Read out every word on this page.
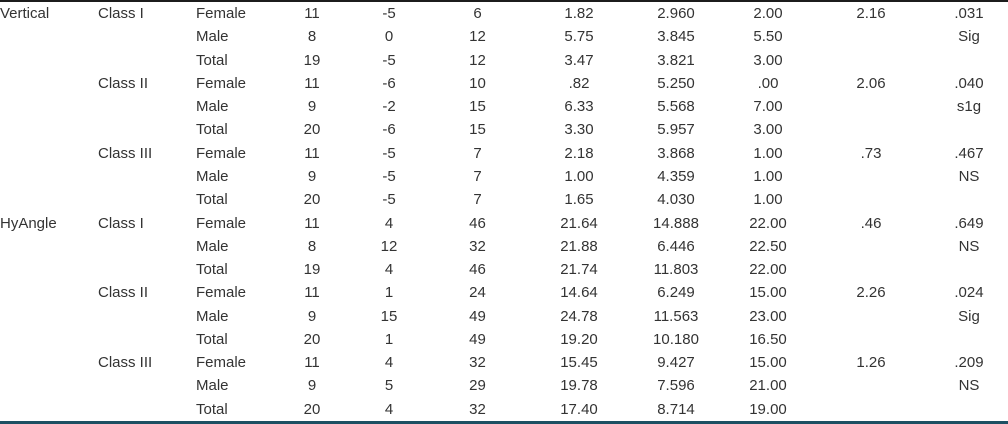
Vertical	Class I	Female	11	-5	6	1.82	2.960	2.00	2.16	.031
		Male	8	0	12	5.75	3.845	5.50		Sig
		Total	19	-5	12	3.47	3.821	3.00		
	Class II	Female	11	-6	10	.82	5.250	.00	2.06	.040
		Male	9	-2	15	6.33	5.568	7.00		s1g
		Total	20	-6	15	3.30	5.957	3.00		
	Class III	Female	11	-5	7	2.18	3.868	1.00	.73	.467
		Male	9	-5	7	1.00	4.359	1.00		NS
		Total	20	-5	7	1.65	4.030	1.00		
HyAngle	Class I	Female	11	4	46	21.64	14.888	22.00	.46	.649
		Male	8	12	32	21.88	6.446	22.50		NS
		Total	19	4	46	21.74	11.803	22.00		
	Class II	Female	11	1	24	14.64	6.249	15.00	2.26	.024
		Male	9	15	49	24.78	11.563	23.00		Sig
		Total	20	1	49	19.20	10.180	16.50		
	Class III	Female	11	4	32	15.45	9.427	15.00	1.26	.209
		Male	9	5	29	19.78	7.596	21.00		NS
		Total	20	4	32	17.40	8.714	19.00		
